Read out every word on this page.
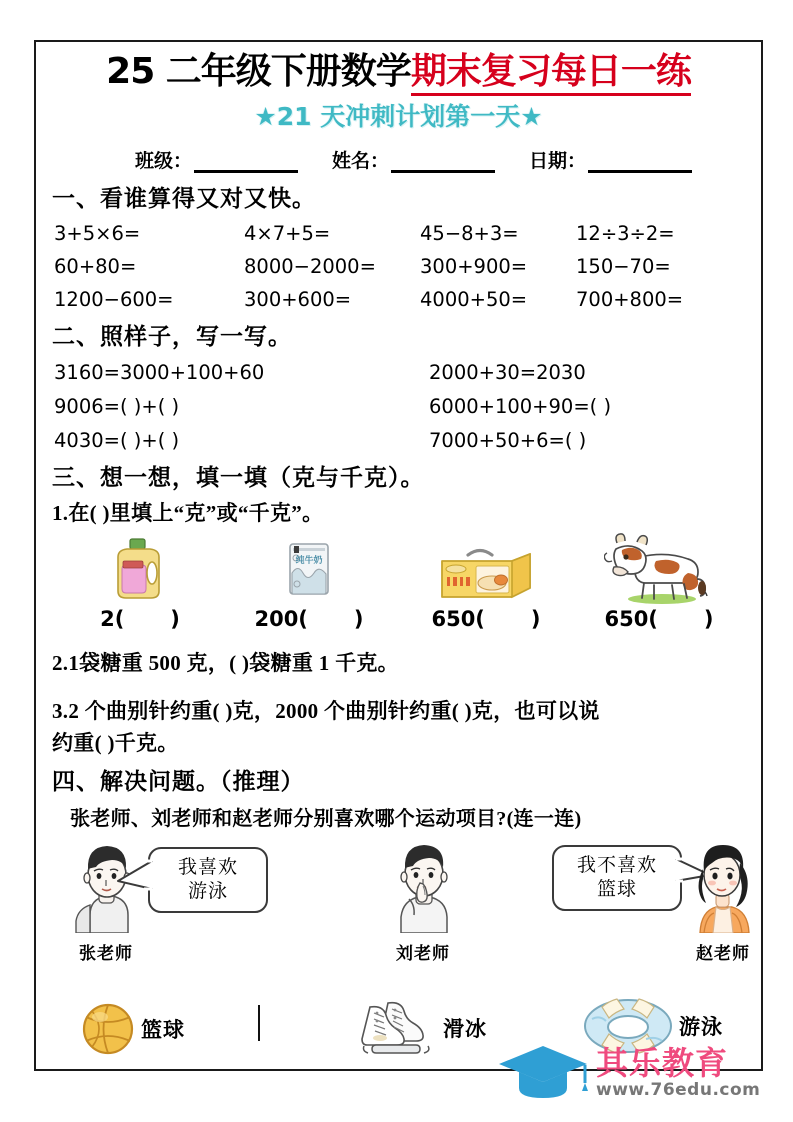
25 二年级下册数学期末复习每日一练
★21 天冲刺计划第一天★
班级：	姓名：	日期：
一、看谁算得又对又快。
3+5×6=	4×7+5=	45−8+3=	12÷3÷2=
60+80=	8000−2000=	300+900=	150−70=
1200−600=	300+600=	4000+50=	700+800=
二、照样子，写一写。
3160=3000+100+60	2000+30=2030
9006=( )+( )	6000+100+90=( )
4030=( )+( )	7000+50+6=( )
三、想一想，填一填（克与千克）。
1.在( )里填上“克”或“千克”。
2( )
纯牛奶
200( )	650( )	650( )
2.1袋糖重 500 克，( )袋糖重 1 千克。
3.2 个曲别针约重( )克，2000 个曲别针约重( )克，也可以说
约重( )千克。
四、解决问题。（推理）
张老师、刘老师和赵老师分别喜欢哪个运动项目?(连一连)
张老师
我喜欢
游泳
刘老师
我不喜欢
篮球
赵老师
篮球	滑冰	游泳
其乐教育
www.76edu.com
